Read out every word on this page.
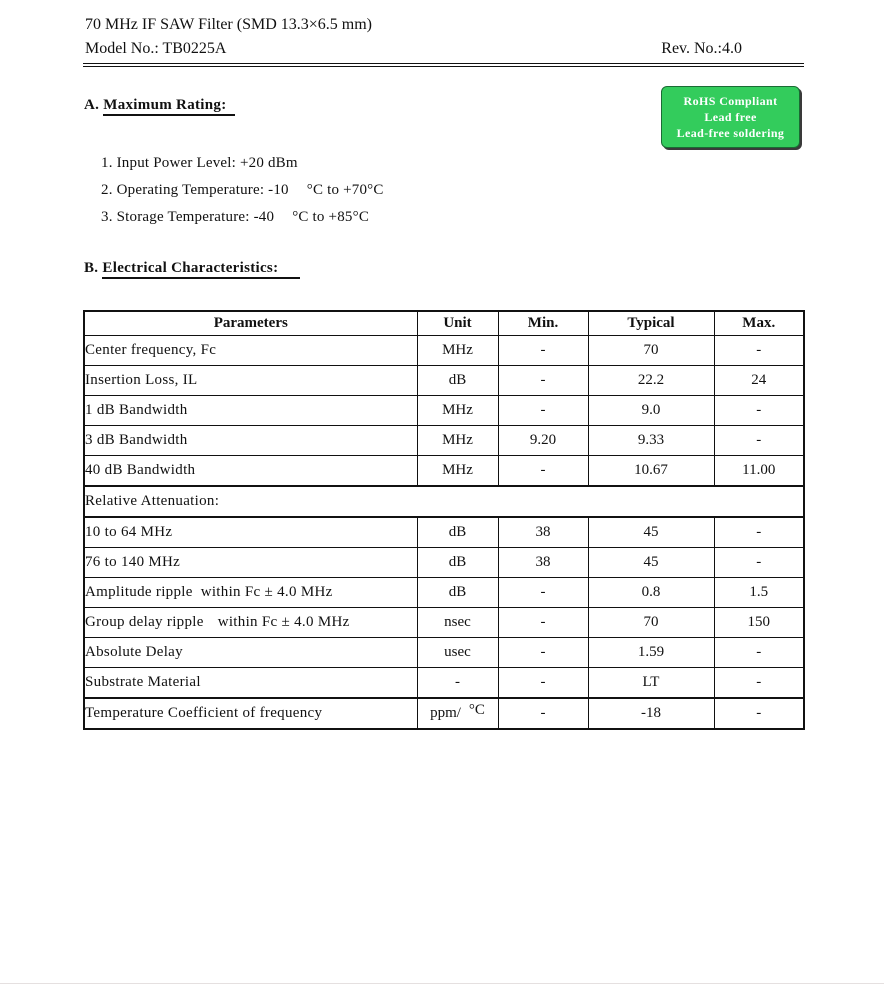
70 MHz IF SAW Filter (SMD 13.3×6.5 mm)
Model No.: TB0225A	Rev. No.:4.0
A. Maximum Rating:	RoHS Compliant
Lead free
Lead-free soldering
1. Input Power Level: +20 dBm
2. Operating Temperature: -10 °C to +70°C
3. Storage Temperature: -40 °C to +85°C
B. Electrical Characteristics:
Parameters	Unit	Min.	Typical	Max.
Center frequency, Fc	MHz	-	70	-
Insertion Loss, IL	dB	-	22.2	24
1 dB Bandwidth	MHz	-	9.0	-
3 dB Bandwidth	MHz	9.20	9.33	-
40 dB Bandwidth	MHz	-	10.67	11.00
Relative Attenuation:				
10 to 64 MHz	dB	38	45	-
76 to 140 MHz	dB	38	45	-
Amplitude ripple within Fc ± 4.0 MHz	dB	-	0.8	1.5
Group delay ripple within Fc ± 4.0 MHz	nsec	-	70	150
Absolute Delay	usec	-	1.59	-
Substrate Material	-	-	LT	-
Temperature Coefficient of frequency	ppm/ °C	-	-18	-
